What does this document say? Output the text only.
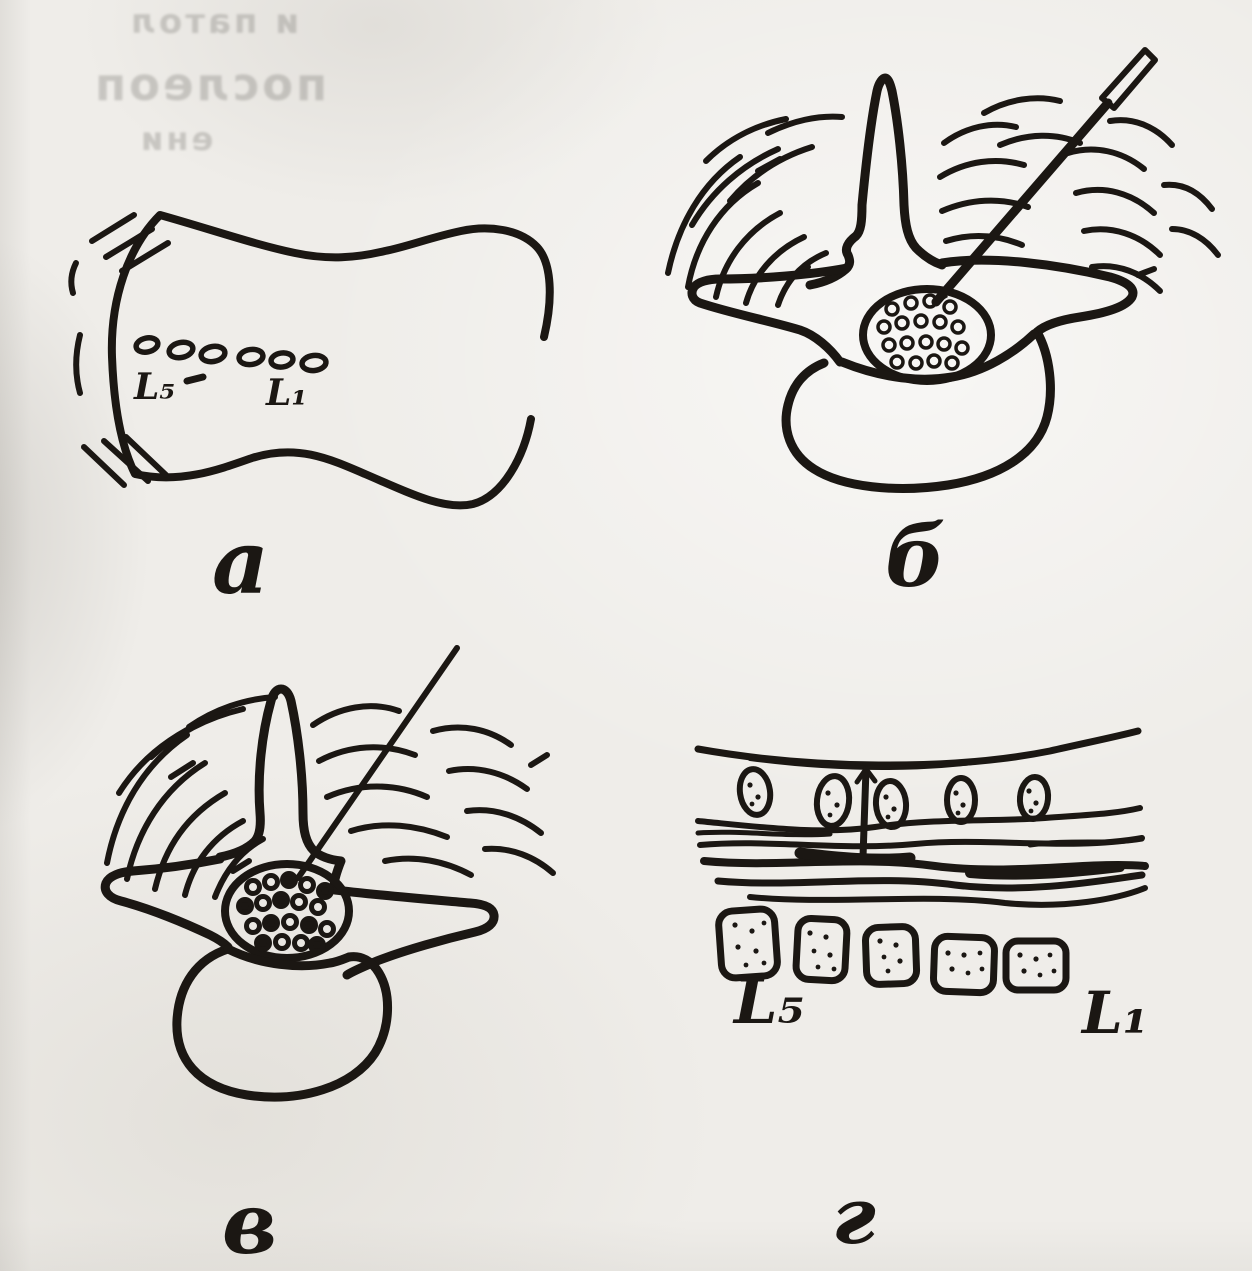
и патол
послеоп
ени
L₅	L₁
а	б
в
L₅	L₁
г
